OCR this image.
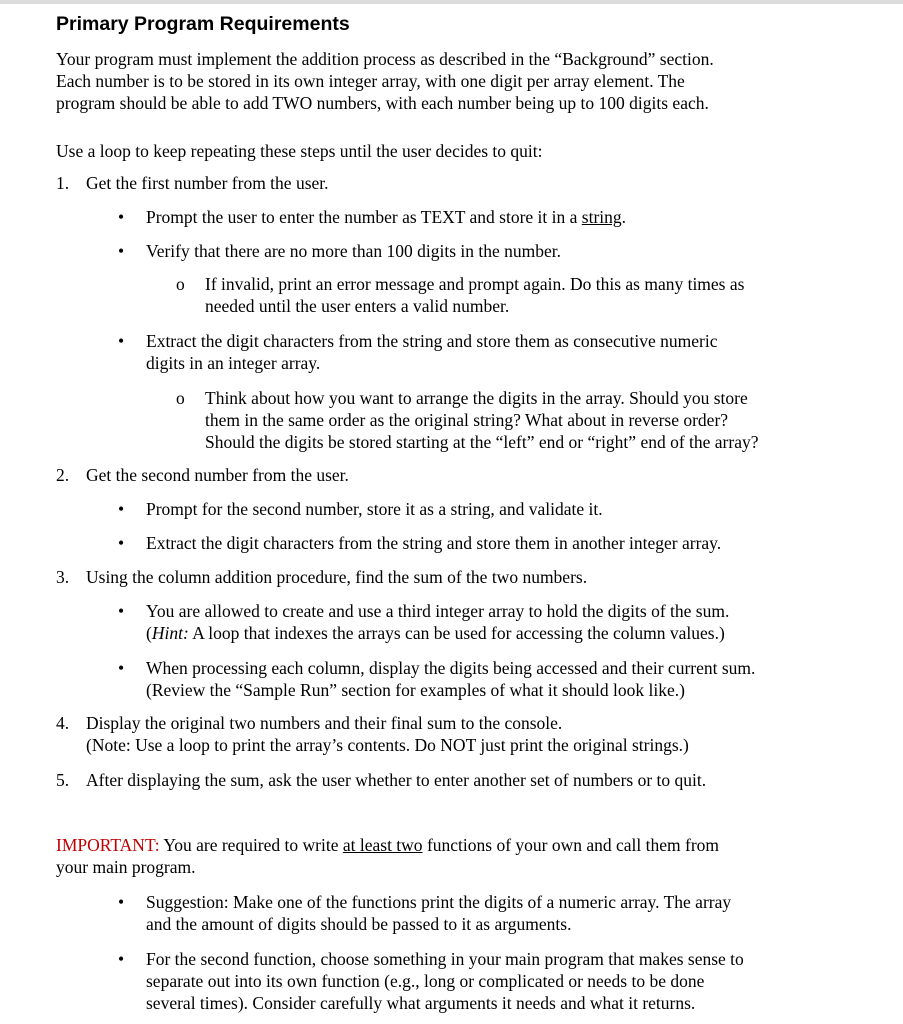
Primary Program Requirements
Your program must implement the addition process as described in the “Background” section.
Each number is to be stored in its own integer array, with one digit per array element. The
program should be able to add TWO numbers, with each number being up to 100 digits each.
Use a loop to keep repeating these steps until the user decides to quit:
1. Get the first number from the user.
• Prompt the user to enter the number as TEXT and store it in a string.
• Verify that there are no more than 100 digits in the number.
o If invalid, print an error message and prompt again. Do this as many times as
needed until the user enters a valid number.
• Extract the digit characters from the string and store them as consecutive numeric
digits in an integer array.
o Think about how you want to arrange the digits in the array. Should you store
them in the same order as the original string? What about in reverse order?
Should the digits be stored starting at the “left” end or “right” end of the array?
2. Get the second number from the user.
• Prompt for the second number, store it as a string, and validate it.
• Extract the digit characters from the string and store them in another integer array.
3. Using the column addition procedure, find the sum of the two numbers.
• You are allowed to create and use a third integer array to hold the digits of the sum.
(Hint: A loop that indexes the arrays can be used for accessing the column values.)
• When processing each column, display the digits being accessed and their current sum.
(Review the “Sample Run” section for examples of what it should look like.)
4. Display the original two numbers and their final sum to the console.
(Note: Use a loop to print the array’s contents. Do NOT just print the original strings.)
5. After displaying the sum, ask the user whether to enter another set of numbers or to quit.
IMPORTANT: You are required to write at least two functions of your own and call them from
your main program.
• Suggestion: Make one of the functions print the digits of a numeric array. The array
and the amount of digits should be passed to it as arguments.
• For the second function, choose something in your main program that makes sense to
separate out into its own function (e.g., long or complicated or needs to be done
several times). Consider carefully what arguments it needs and what it returns.
